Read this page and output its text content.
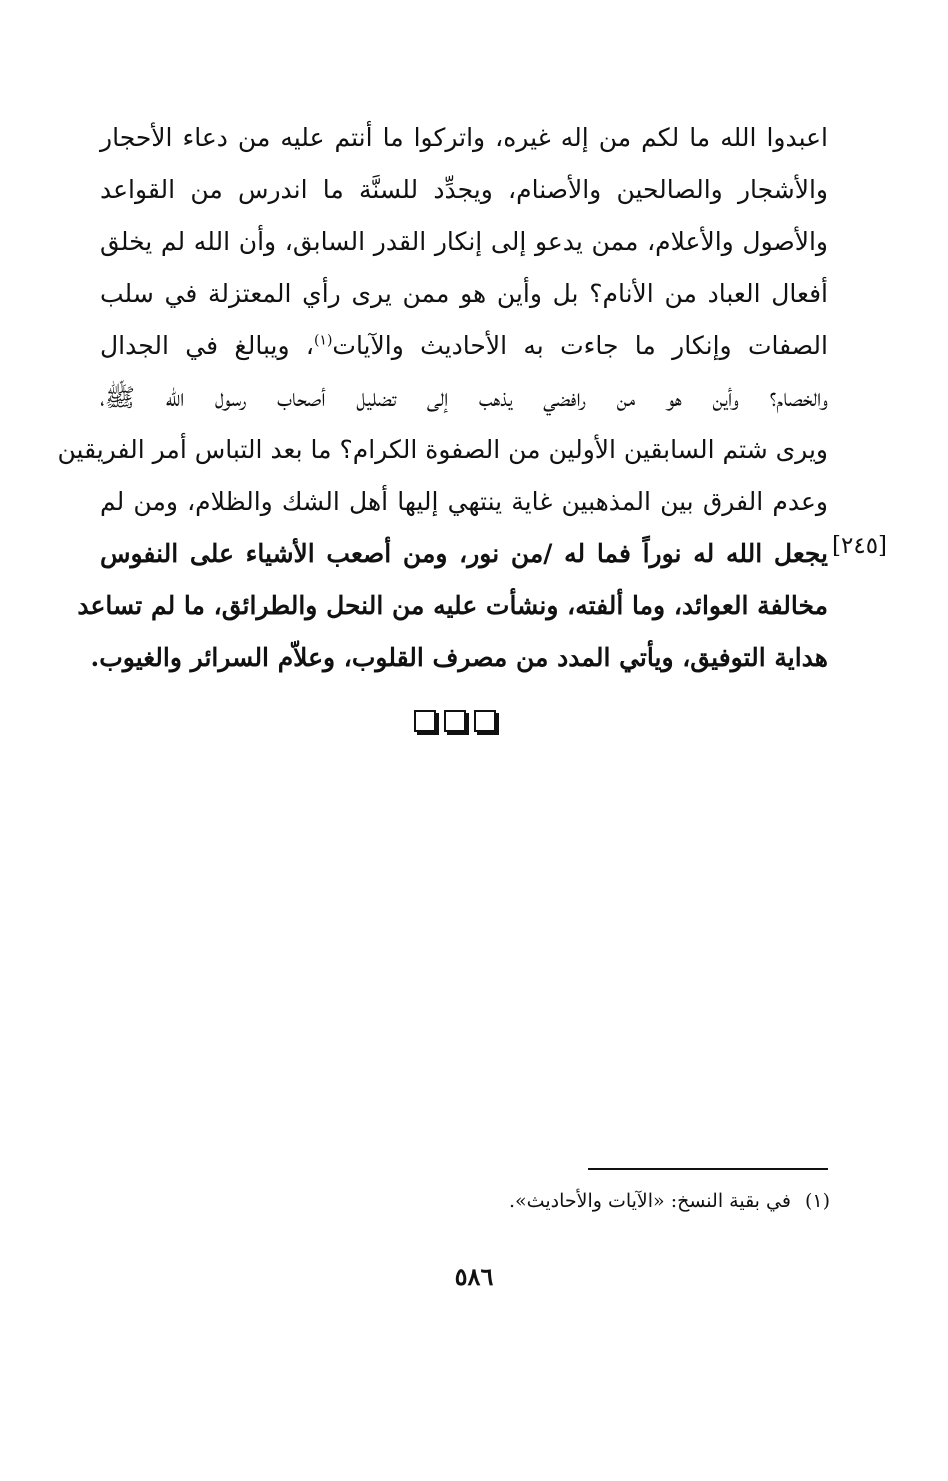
اعبدوا الله ما لكم من إله غيره، واتركوا ما أنتم عليه من دعاء الأحجار
والأشجار والصالحين والأصنام، ويجدِّد للسنَّة ما اندرس من القواعد
والأصول والأعلام، ممن يدعو إلى إنكار القدر السابق، وأن الله لم يخلق
أفعال العباد من الأنام؟ بل وأين هو ممن يرى رأي المعتزلة في سلب
الصفات وإنكار ما جاءت به الأحاديث والآيات$^{(١)}$، ويبالغ في الجدال
والخصام؟ وأين هو من رافضي يذهب إلى تضليل أصحاب رسول الله ﷺ،
ويرى شتم السابقين الأولين من الصفوة الكرام؟ ما بعد التباس أمر الفريقين
وعدم الفرق بين المذهبين غاية ينتهي إليها أهل الشك والظلام، ومن لم
يجعل الله له نوراً فما له /من نور، ومن أصعب الأشياء على النفوس
مخالفة العوائد، وما ألفته، ونشأت عليه من النحل والطرائق، ما لم تساعد
هداية التوفيق، ويأتي المدد من مصرف القلوب، وعلاّم السرائر والغيوب.
[٢٤٥]
(١)في بقية النسخ: «الآيات والأحاديث».
٥٨٦
